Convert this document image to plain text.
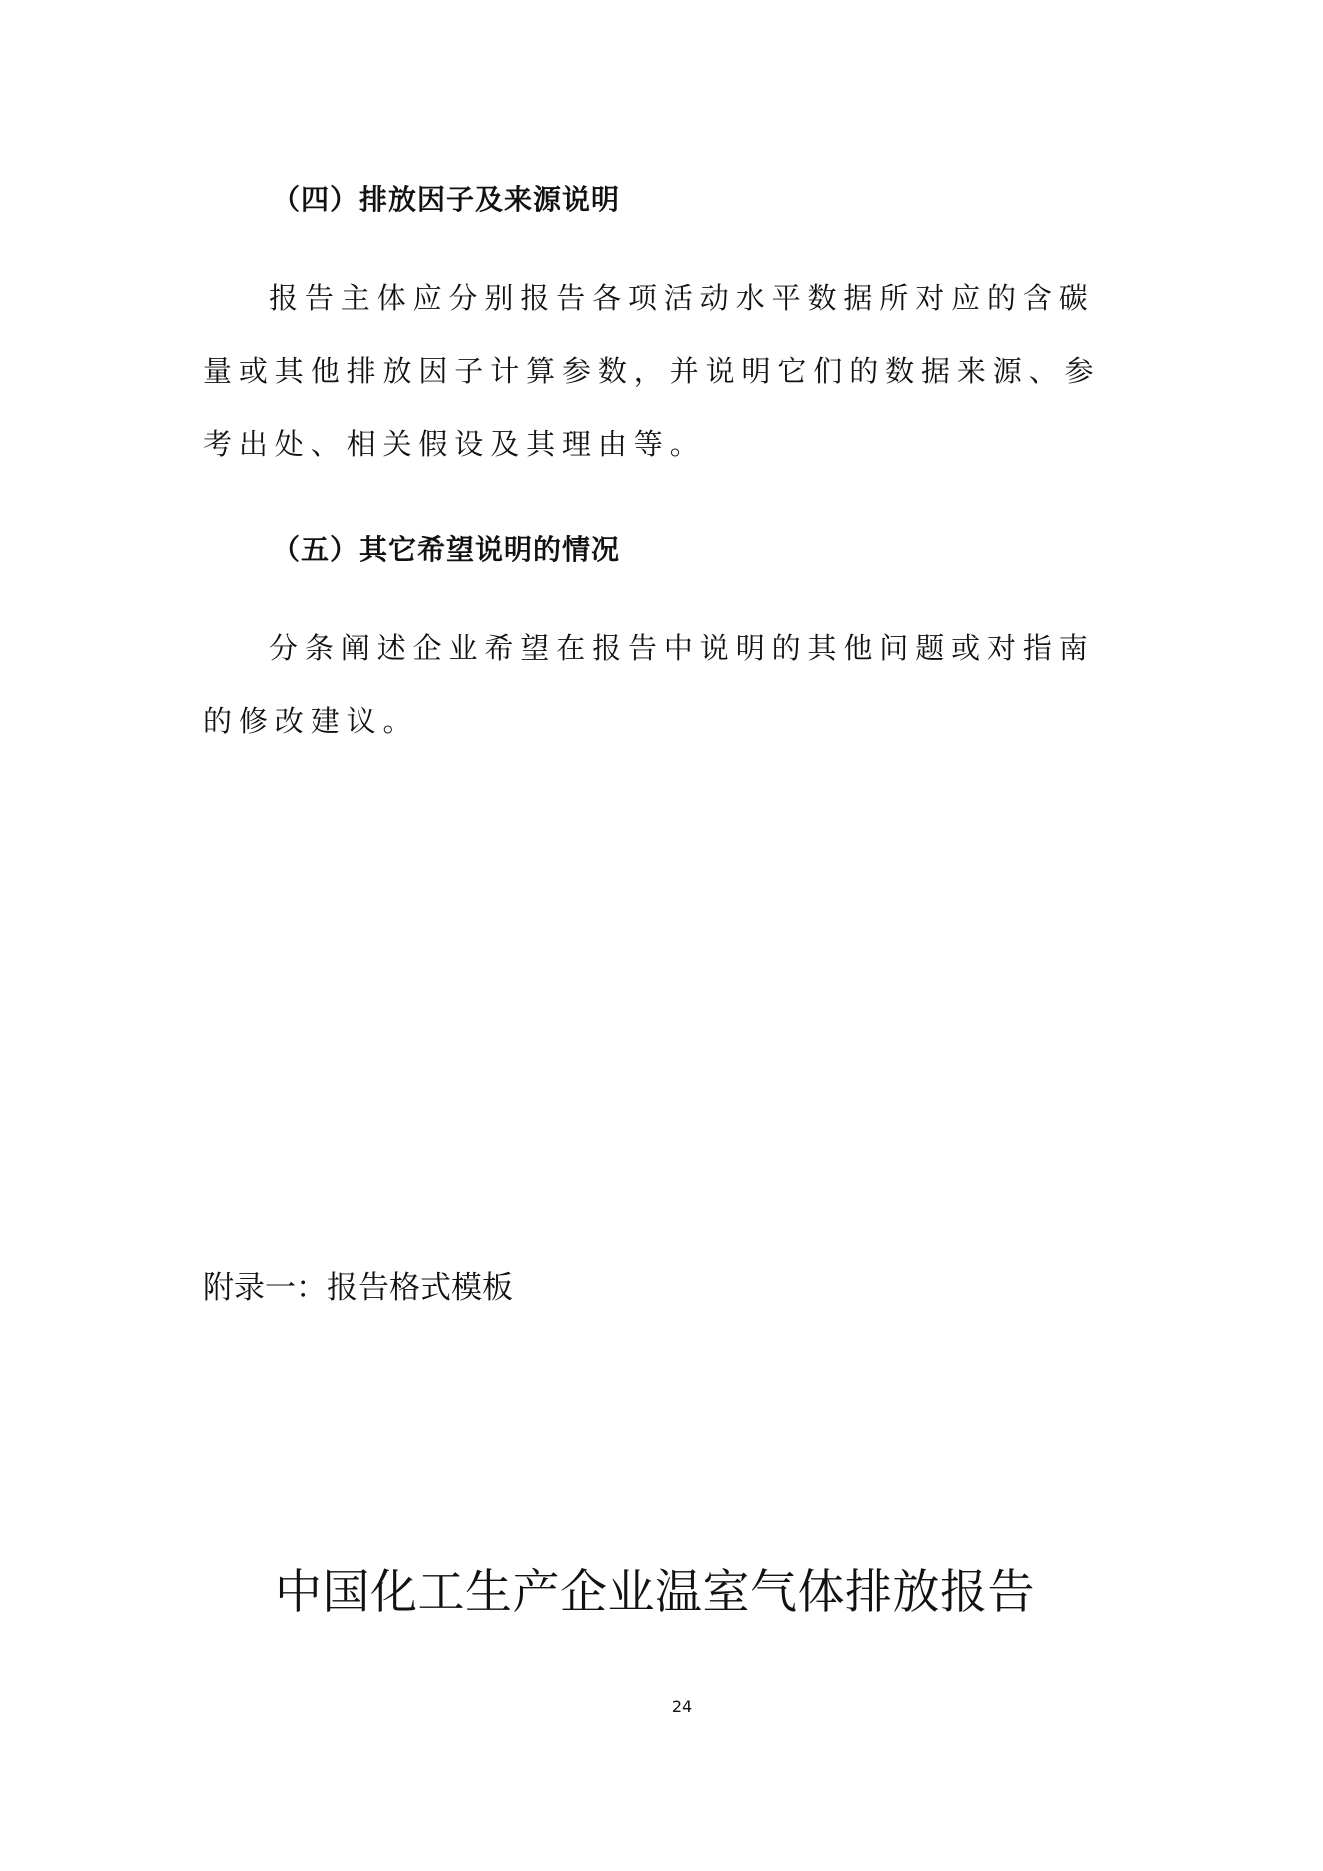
（四）排放因子及来源说明

报告主体应分别报告各项活动水平数据所对应的含碳量或其他排放因子计算参数，并说明它们的数据来源、参考出处、相关假设及其理由等。

（五）其它希望说明的情况

分条阐述企业希望在报告中说明的其他问题或对指南的修改建议。

附录一：报告格式模板
中国化工生产企业温室气体排放报告
24
